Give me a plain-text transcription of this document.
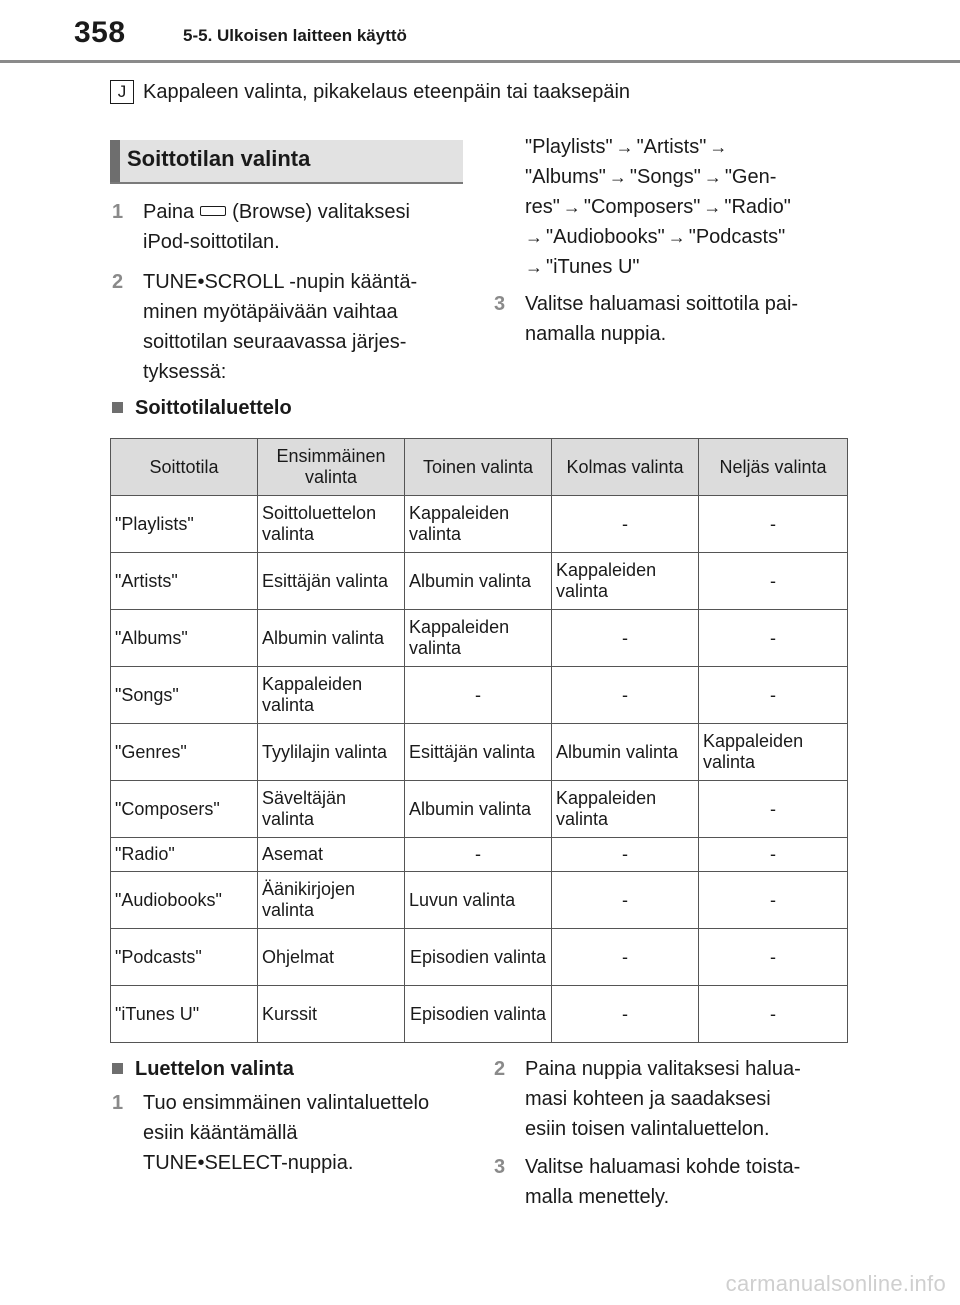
358	5-5. Ulkoisen laitteen käyttö
J Kappaleen valinta, pikakelaus eteenpäin tai taaksepäin
Soittotilan valinta
1 Paina (Browse) valitaksesi
iPod-soittotilan.
2 TUNE•SCROLL -nupin kääntä-
minen myötäpäivään vaihtaa
soittotilan seuraavassa järjes-
tyksessä:
"Playlists" → "Artists" →
"Albums" → "Songs" → "Gen-
res" → "Composers" → "Radio"
→ "Audiobooks" → "Podcasts"
→ "iTunes U"
3 Valitse haluamasi soittotila pai-
namalla nuppia.
Soittotilaluettelo
Soittotila	Ensimmäinen valinta	Toinen valinta	Kolmas valinta	Neljäs valinta
"Playlists"	Soittoluettelon valinta	Kappaleiden valinta	-	-
"Artists"	Esittäjän valinta	Albumin valinta	Kappaleiden valinta	-
"Albums"	Albumin valinta	Kappaleiden valinta	-	-
"Songs"	Kappaleiden valinta	-	-	-
"Genres"	Tyylilajin valinta	Esittäjän valinta	Albumin valinta	Kappaleiden valinta
"Composers"	Säveltäjän valinta	Albumin valinta	Kappaleiden valinta	-
"Radio"	Asemat	-	-	-
"Audiobooks"	Äänikirjojen valinta	Luvun valinta	-	-
"Podcasts"	Ohjelmat	Episodien valinta	-	-
"iTunes U"	Kurssit	Episodien valinta	-	-
Luettelon valinta
1 Tuo ensimmäinen valintaluettelo
esiin kääntämällä
TUNE•SELECT-nuppia.
2 Paina nuppia valitaksesi halua-
masi kohteen ja saadaksesi
esiin toisen valintaluettelon.
3 Valitse haluamasi kohde toista-
malla menettely.
carmanualsonline.info
